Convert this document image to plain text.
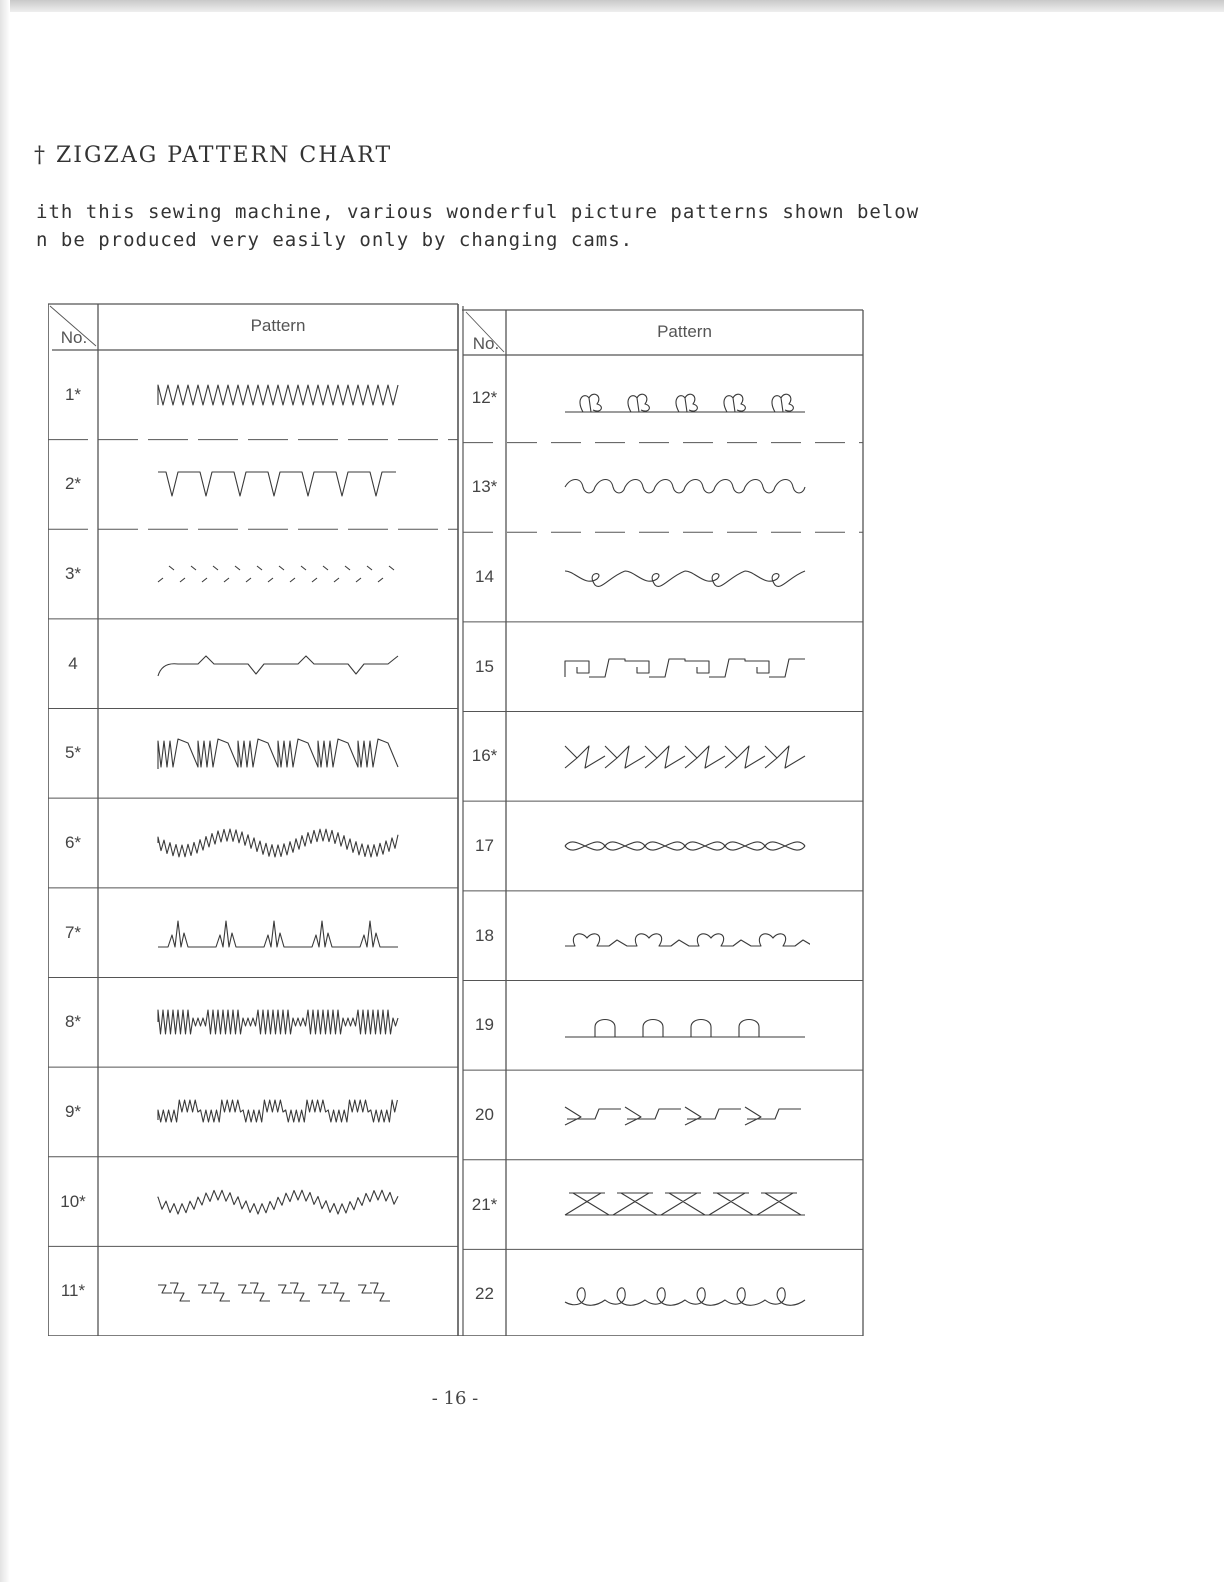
† ZIGZAG PATTERN CHART
ith this sewing machine, various wonderful picture patterns shown below
n be produced very easily only by changing cams.
No.
Pattern
No.
Pattern
1*
2*
3*
4
5*
6*
7*
8*
9*
10*
11*
12*
13*
14
15
16*
17
18
19
20
21*
22
- 16 -
